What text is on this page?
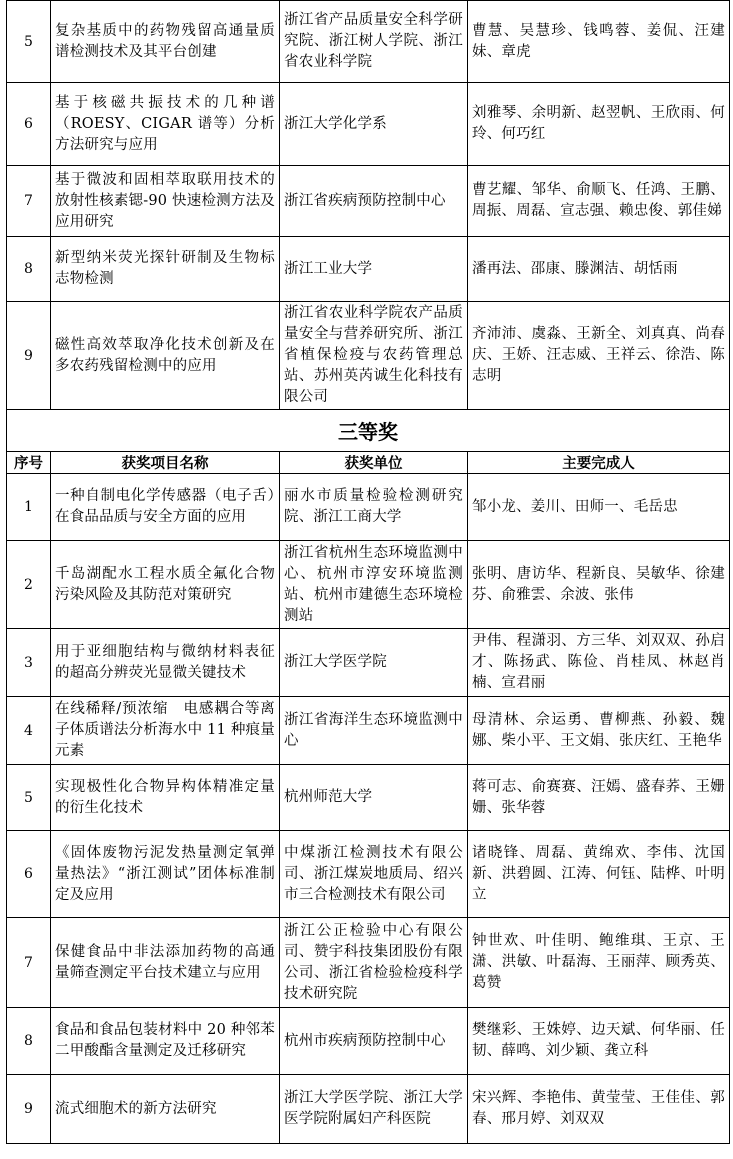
5	复杂基质中的药物残留高通量质谱检测技术及其平台创建	浙江省产品质量安全科学研究院、浙江树人学院、浙江省农业科学院	曹慧、吴慧珍、钱鸣蓉、姜侃、汪建妹、章虎
6	基于核磁共振技术的几种谱（ROESY、CIGAR 谱等）分析方法研究与应用	浙江大学化学系	刘雅琴、余明新、赵翌帆、王欣雨、何玲、何巧红
7	基于微波和固相萃取联用技术的放射性核素锶-90 快速检测方法及应用研究	浙江省疾病预防控制中心	曹艺耀、邹华、俞顺飞、任鸿、王鹏、周振、周磊、宣志强、赖忠俊、郭佳娣
8	新型纳米荧光探针研制及生物标志物检测	浙江工业大学	潘再法、邵康、滕渊洁、胡恬雨
9	磁性高效萃取净化技术创新及在多农药残留检测中的应用	浙江省农业科学院农产品质量安全与营养研究所、浙江省植保检疫与农药管理总站、苏州英芮诚生化科技有限公司	齐沛沛、虞淼、王新全、刘真真、尚春庆、王娇、汪志威、王祥云、徐浩、陈志明
三等奖			
序号	获奖项目名称	获奖单位	主要完成人
1	一种自制电化学传感器（电子舌）在食品品质与安全方面的应用	丽水市质量检验检测研究院、浙江工商大学	邹小龙、姜川、田师一、毛岳忠
2	千岛湖配水工程水质全氟化合物污染风险及其防范对策研究	浙江省杭州生态环境监测中心、杭州市淳安环境监测站、杭州市建德生态环境检测站	张明、唐访华、程新良、吴敏华、徐建芬、俞雅雲、余波、张伟
3	用于亚细胞结构与微纳材料表征的超高分辨荧光显微关键技术	浙江大学医学院	尹伟、程潇羽、方三华、刘双双、孙启才、陈扬武、陈俭、肖桂凤、林赵肖楠、宣君丽
4	在线稀释/预浓缩　电感耦合等离子体质谱法分析海水中 11 种痕量元素	浙江省海洋生态环境监测中心	母清林、佘运勇、曹柳燕、孙毅、魏娜、柴小平、王文娟、张庆红、王艳华
5	实现极性化合物异构体精准定量的衍生化技术	杭州师范大学	蒋可志、俞赛赛、汪嫣、盛春荞、王姗姗、张华蓉
6	《固体废物污泥发热量测定氧弹量热法》“浙江测试”团体标准制定及应用	中煤浙江检测技术有限公司、浙江煤炭地质局、绍兴市三合检测技术有限公司	诸晓锋、周磊、黄绵欢、李伟、沈国新、洪碧圆、江涛、何钰、陆桦、叶明立
7	保健食品中非法添加药物的高通量筛查测定平台技术建立与应用	浙江公正检验中心有限公司、赞宇科技集团股份有限公司、浙江省检验检疫科学技术研究院	钟世欢、叶佳明、鲍维琪、王京、王潇、洪敏、叶磊海、王丽萍、顾秀英、葛赞
8	食品和食品包装材料中 20 种邻苯二甲酸酯含量测定及迁移研究	杭州市疾病预防控制中心	樊继彩、王姝婷、边天斌、何华丽、任韧、薛鸣、刘少颖、龚立科
9	流式细胞术的新方法研究	浙江大学医学院、浙江大学医学院附属妇产科医院	宋兴辉、李艳伟、黄莹莹、王佳佳、郭春、邢月婷、刘双双
